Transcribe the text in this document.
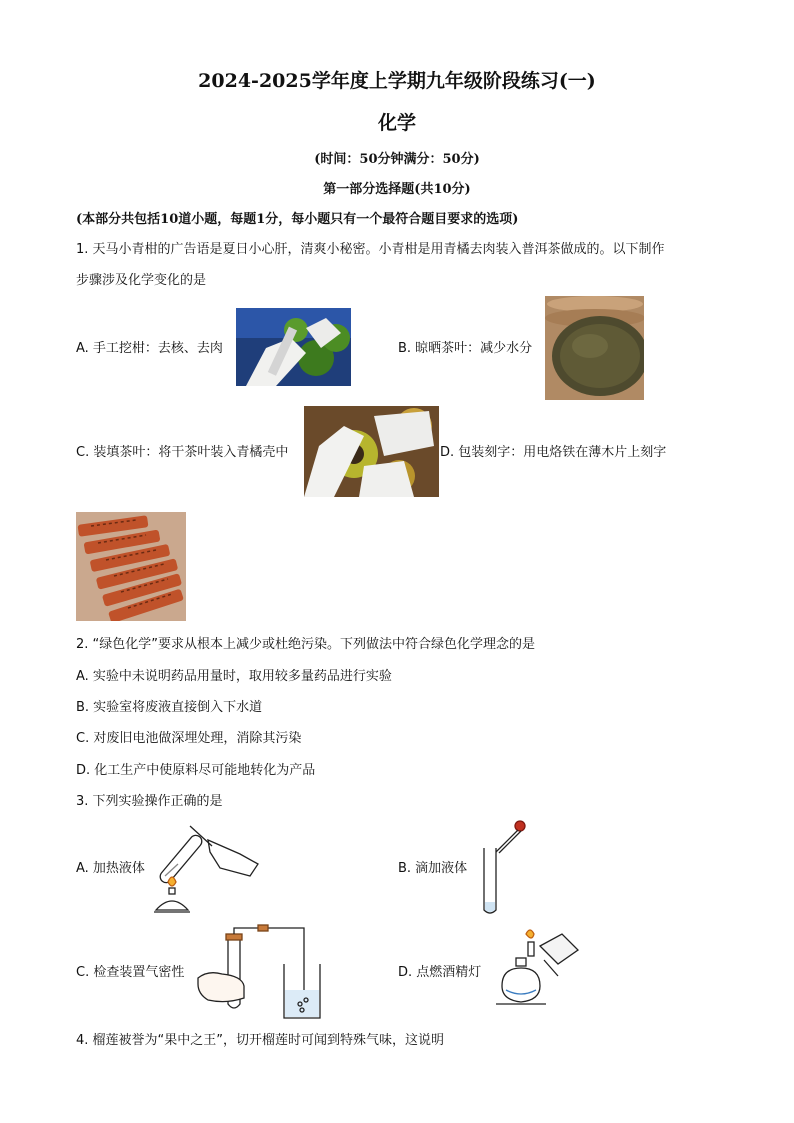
2024-2025学年度上学期九年级阶段练习(一)
化学
(时间：50分钟满分：50分)
第一部分选择题(共10分)
(本部分共包括10道小题，每题1分，每小题只有一个最符合题目要求的选项)
1. 天马小青柑的广告语是夏日小心肝，清爽小秘密。小青柑是用青橘去肉装入普洱茶做成的。以下制作
步骤涉及化学变化的是
A. 手工挖柑：去核、去肉	B. 晾晒茶叶：减少水分
C. 装填茶叶：将干茶叶装入青橘壳中	D. 包装刻字：用电烙铁在薄木片上刻字
2. “绿色化学”要求从根本上减少或杜绝污染。下列做法中符合绿色化学理念的是
A. 实验中未说明药品用量时，取用较多量药品进行实验
B. 实验室将废液直接倒入下水道
C. 对废旧电池做深埋处理，消除其污染
D. 化工生产中使原料尽可能地转化为产品
3. 下列实验操作正确的是
A. 加热液体	B. 滴加液体
C. 检查装置气密性	D. 点燃酒精灯
4. 榴莲被誉为“果中之王”，切开榴莲时可闻到特殊气味，这说明
